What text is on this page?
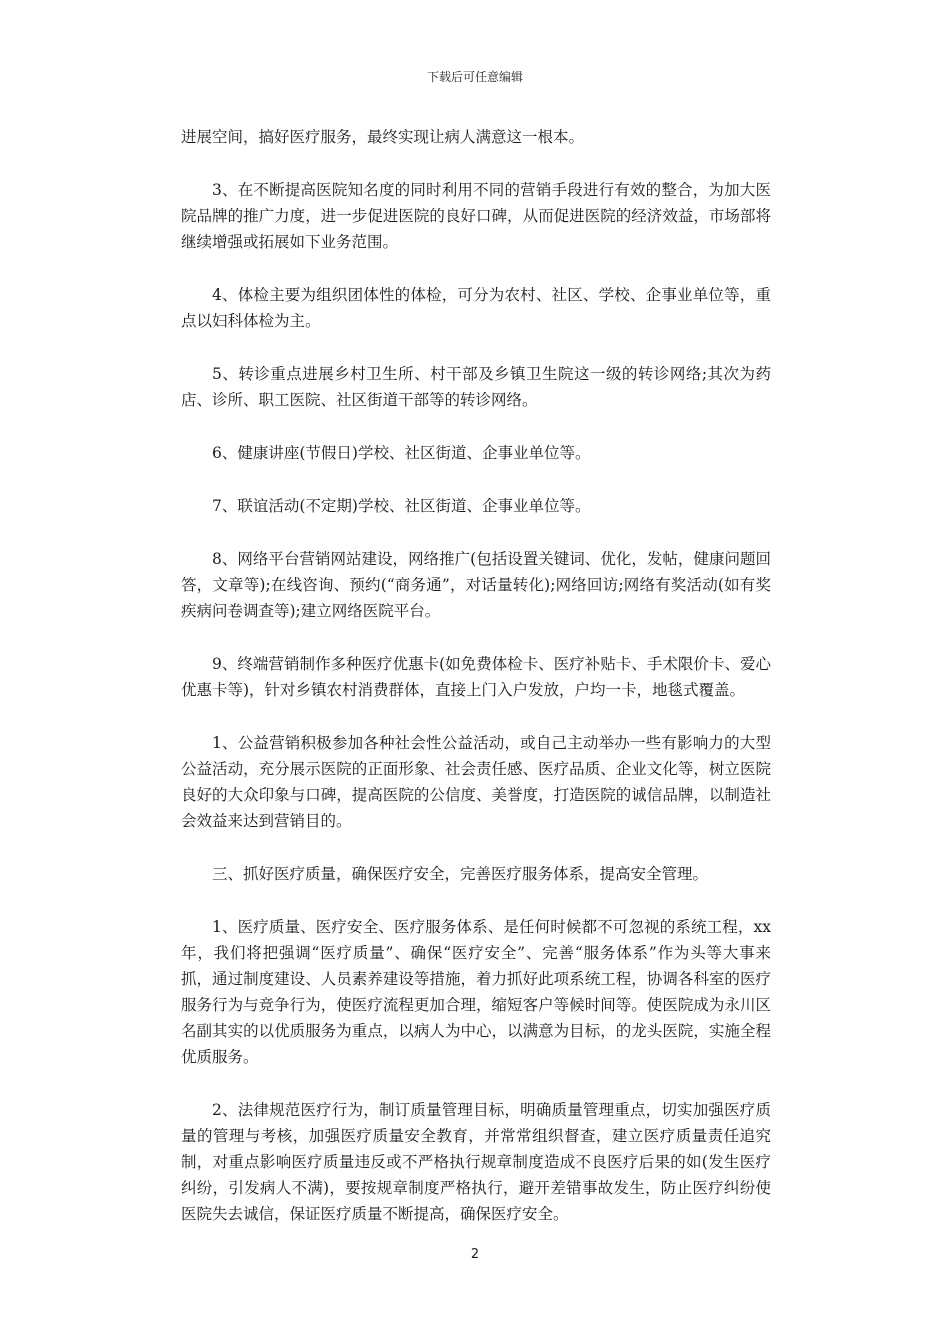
下载后可任意编辑

进展空间，搞好医疗服务，最终实现让病人满意这一根本。

3、在不断提高医院知名度的同时利用不同的营销手段进行有效的整合，为加大医院品牌的推广力度，进一步促进医院的良好口碑，从而促进医院的经济效益，市场部将继续增强或拓展如下业务范围。

4、体检主要为组织团体性的体检，可分为农村、社区、学校、企事业单位等，重点以妇科体检为主。

5、转诊重点进展乡村卫生所、村干部及乡镇卫生院这一级的转诊网络;其次为药店、诊所、职工医院、社区街道干部等的转诊网络。

6、健康讲座(节假日)学校、社区街道、企事业单位等。

7、联谊活动(不定期)学校、社区街道、企事业单位等。

8、网络平台营销网站建设，网络推广(包括设置关键词、优化，发帖，健康问题回答，文章等);在线咨询、预约(“商务通”，对话量转化);网络回访;网络有奖活动(如有奖疾病问卷调查等);建立网络医院平台。

9、终端营销制作多种医疗优惠卡(如免费体检卡、医疗补贴卡、手术限价卡、爱心优惠卡等)，针对乡镇农村消费群体，直接上门入户发放，户均一卡，地毯式覆盖。

1、公益营销积极参加各种社会性公益活动，或自己主动举办一些有影响力的大型公益活动，充分展示医院的正面形象、社会责任感、医疗品质、企业文化等，树立医院良好的大众印象与口碑，提高医院的公信度、美誉度，打造医院的诚信品牌，以制造社会效益来达到营销目的。

三、抓好医疗质量，确保医疗安全，完善医疗服务体系，提高安全管理。

1、医疗质量、医疗安全、医疗服务体系、是任何时候都不可忽视的系统工程，xx年，我们将把强调“医疗质量”、确保“医疗安全”、完善“服务体系”作为头等大事来抓，通过制度建设、人员素养建设等措施，着力抓好此项系统工程，协调各科室的医疗服务行为与竞争行为，使医疗流程更加合理，缩短客户等候时间等。使医院成为永川区名副其实的以优质服务为重点，以病人为中心，以满意为目标，的龙头医院，实施全程优质服务。

2、法律规范医疗行为，制订质量管理目标，明确质量管理重点，切实加强医疗质量的管理与考核，加强医疗质量安全教育，并常常组织督查，建立医疗质量责任追究制，对重点影响医疗质量违反或不严格执行规章制度造成不良医疗后果的如(发生医疗纠纷，引发病人不满)，要按规章制度严格执行，避开差错事故发生，防止医疗纠纷使医院失去诚信，保证医疗质量不断提高，确保医疗安全。

2
